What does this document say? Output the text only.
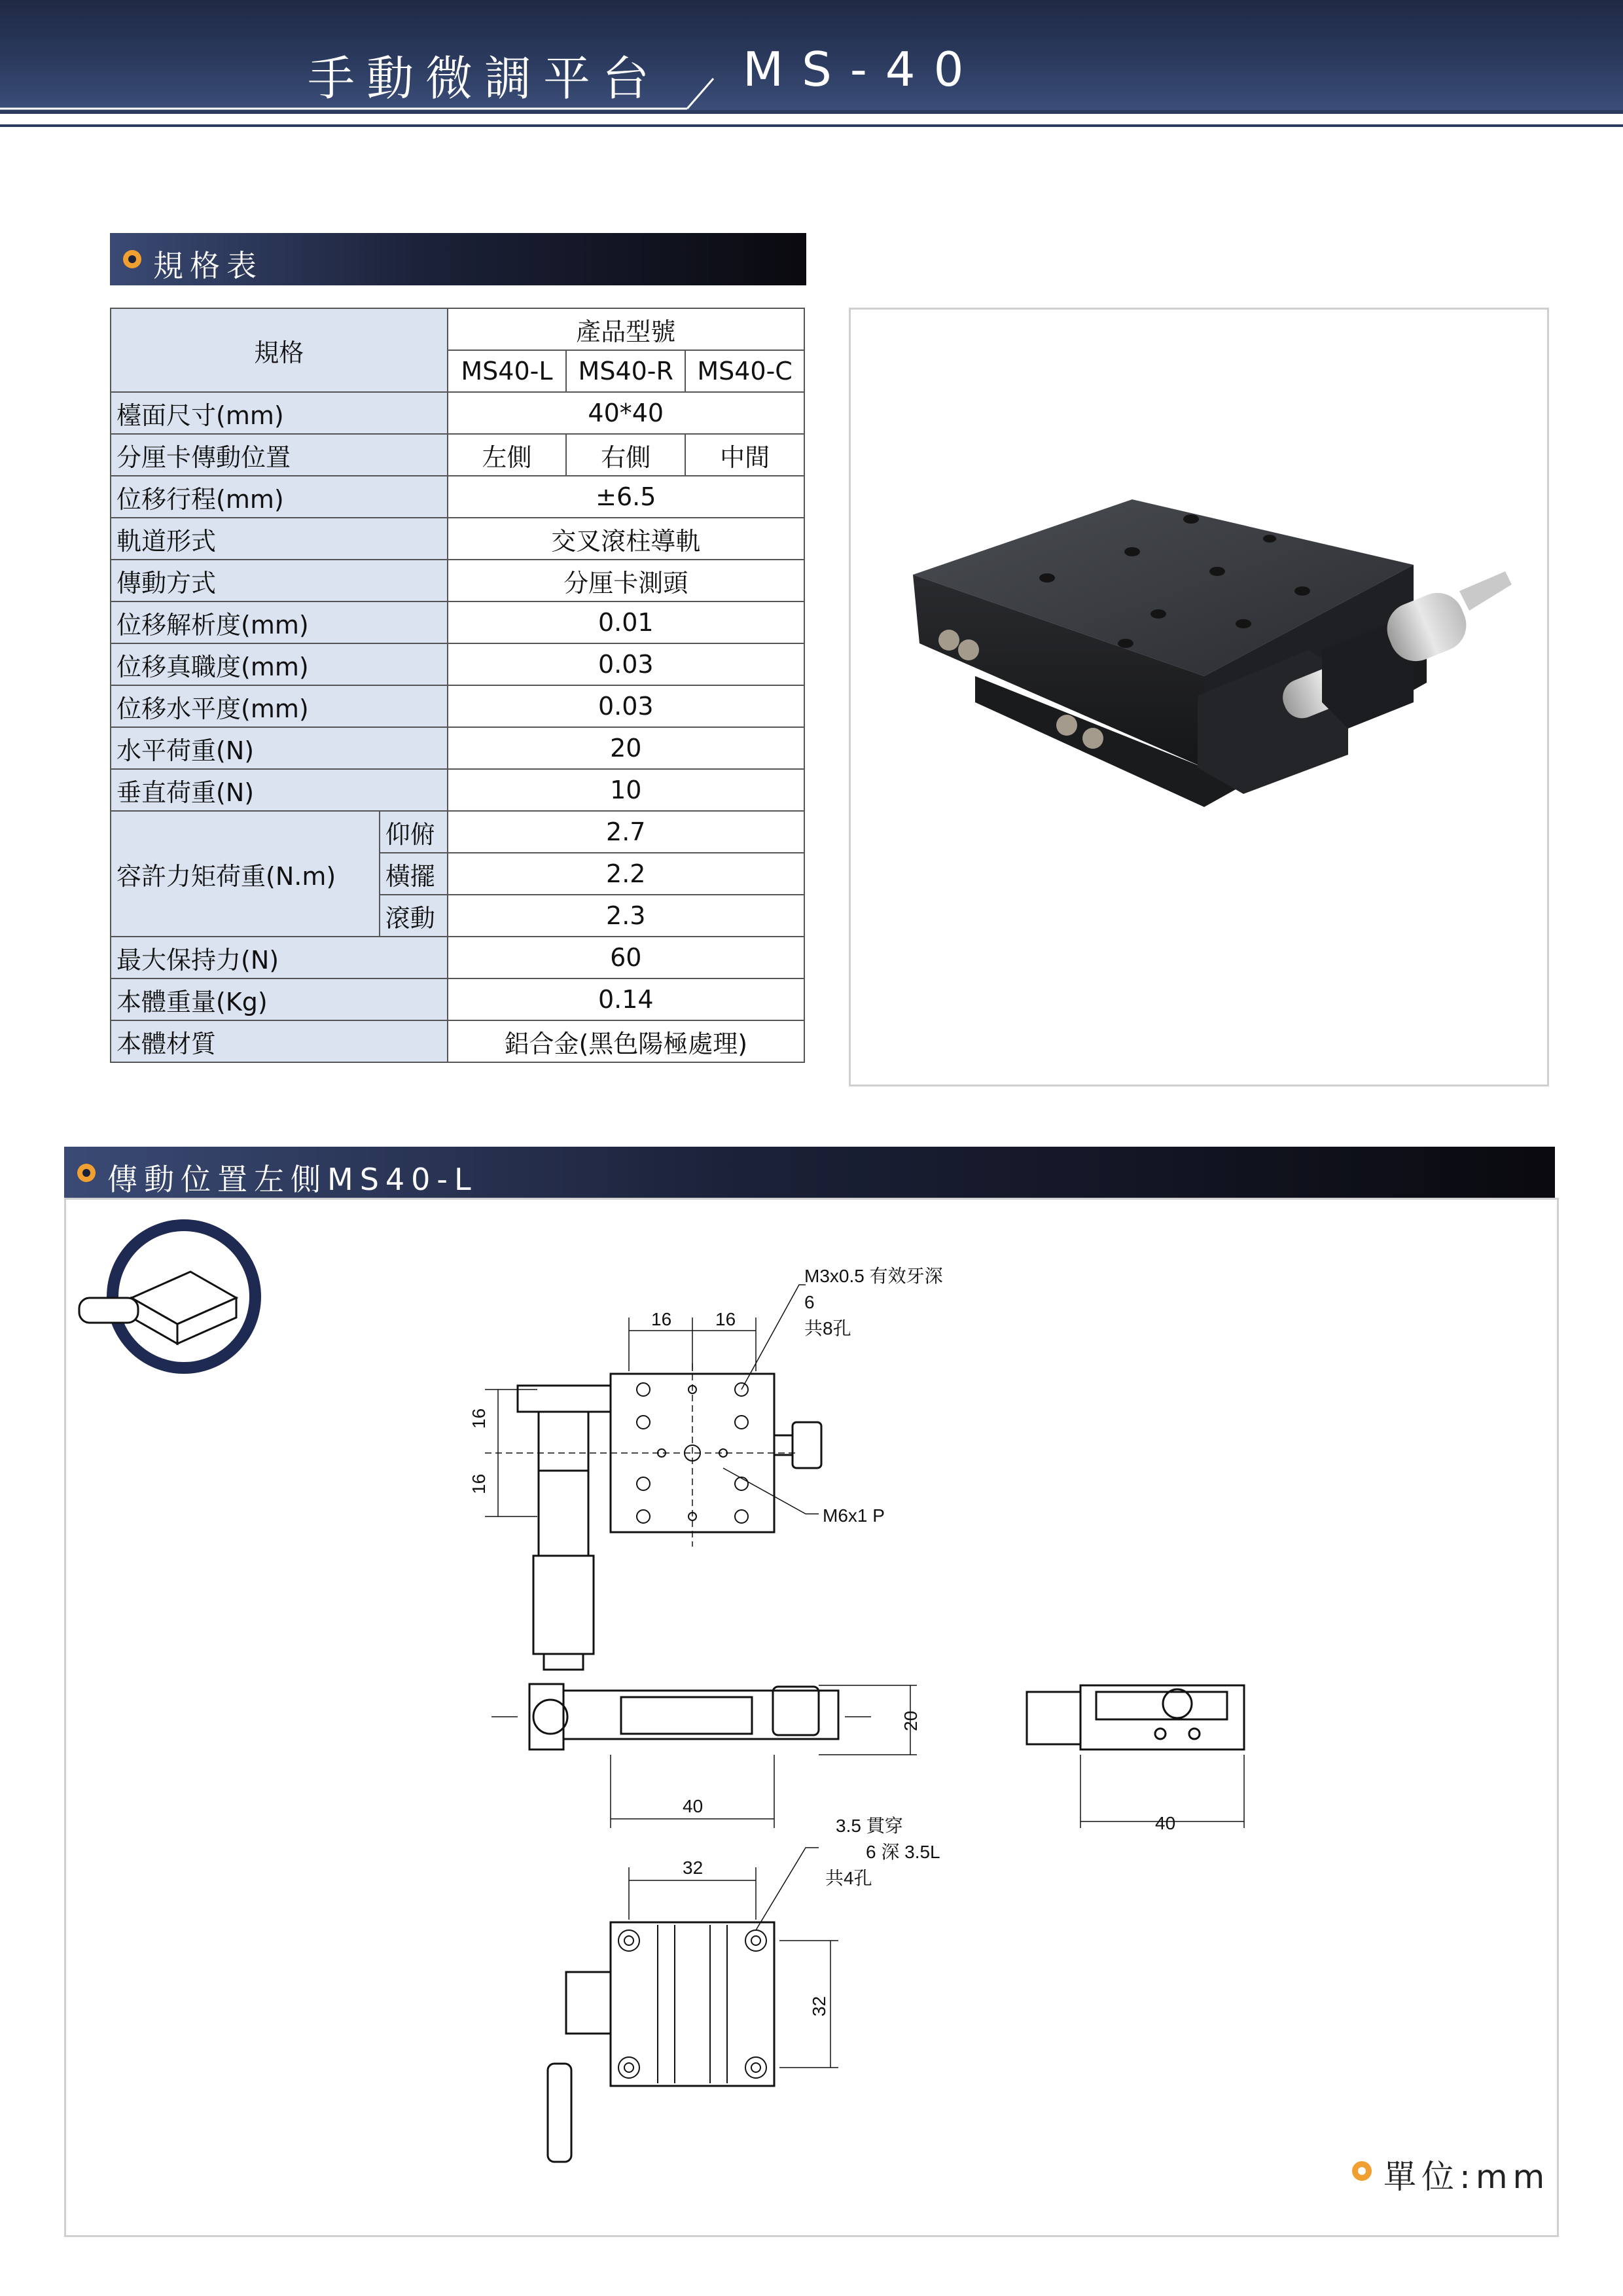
手動微調平台 MS-40
規格表
規格		產品型號		
		MS40-L	MS40-R	MS40-C
檯面尺寸(mm)		40*40		
分厘卡傳動位置		左側	右側	中間
位移行程(mm)		±6.5		
軌道形式		交叉滾柱導軌		
傳動方式		分厘卡測頭		
位移解析度(mm)		0.01		
位移真職度(mm)		0.03		
位移水平度(mm)		0.03		
水平荷重(N)		20		
垂直荷重(N)		10		
容許力矩荷重(N.m)	仰俯	2.7		
	橫擺	2.2		
	滾動	2.3		
最大保持力(N)		60		
本體重量(Kg)		0.14		
本體材質		鋁合金(黑色陽極處理)		
傳動位置左側MS40-L
16 16
16
16
M3x0.5 有效牙深
6
共8孔
M6x1 P
40
20
40
32
32
3.5 貫穿
6 深 3.5L
共4孔
單位:mm
